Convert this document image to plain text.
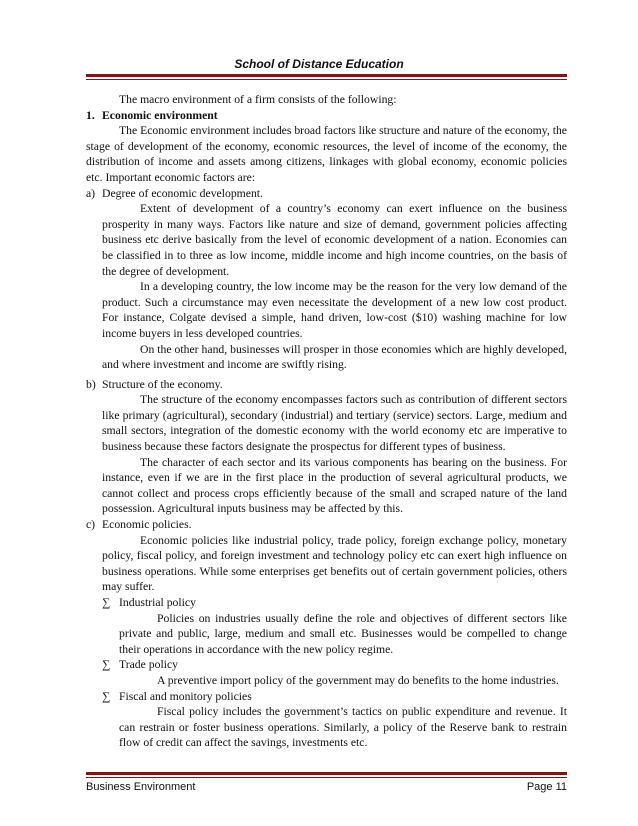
School of Distance Education

The macro environment of a firm consists of the following:

1. Economic environment

The Economic environment includes broad factors like structure and nature of the economy, the stage of development of the economy, economic resources, the level of income of the economy, the distribution of income and assets among citizens, linkages with global economy, economic policies etc. Important economic factors are:

a) Degree of economic development.

Extent of development of a country’s economy can exert influence on the business prosperity in many ways. Factors like nature and size of demand, government policies affecting business etc derive basically from the level of economic development of a nation. Economies can be classified in to three as low income, middle income and high income countries, on the basis of the degree of development.

In a developing country, the low income may be the reason for the very low demand of the product. Such a circumstance may even necessitate the development of a new low cost product. For instance, Colgate devised a simple, hand driven, low-cost ($10) washing machine for low income buyers in less developed countries.

On the other hand, businesses will prosper in those economies which are highly developed, and where investment and income are swiftly rising.

b) Structure of the economy.

The structure of the economy encompasses factors such as contribution of different sectors like primary (agricultural), secondary (industrial) and tertiary (service) sectors. Large, medium and small sectors, integration of the domestic economy with the world economy etc are imperative to business because these factors designate the prospectus for different types of business.

The character of each sector and its various components has bearing on the business. For instance, even if we are in the first place in the production of several agricultural products, we cannot collect and process crops efficiently because of the small and scraped nature of the land possession. Agricultural inputs business may be affected by this.

c) Economic policies.

Economic policies like industrial policy, trade policy, foreign exchange policy, monetary policy, fiscal policy, and foreign investment and technology policy etc can exert high influence on business operations. While some enterprises get benefits out of certain government policies, others may suffer.

∑ Industrial policy

Policies on industries usually define the role and objectives of different sectors like private and public, large, medium and small etc. Businesses would be compelled to change their operations in accordance with the new policy regime.

∑ Trade policy

A preventive import policy of the government may do benefits to the home industries.

∑ Fiscal and monitory policies

Fiscal policy includes the government’s tactics on public expenditure and revenue. It can restrain or foster business operations. Similarly, a policy of the Reserve bank to restrain flow of credit can affect the savings, investments etc.

Business Environment	Page 11
